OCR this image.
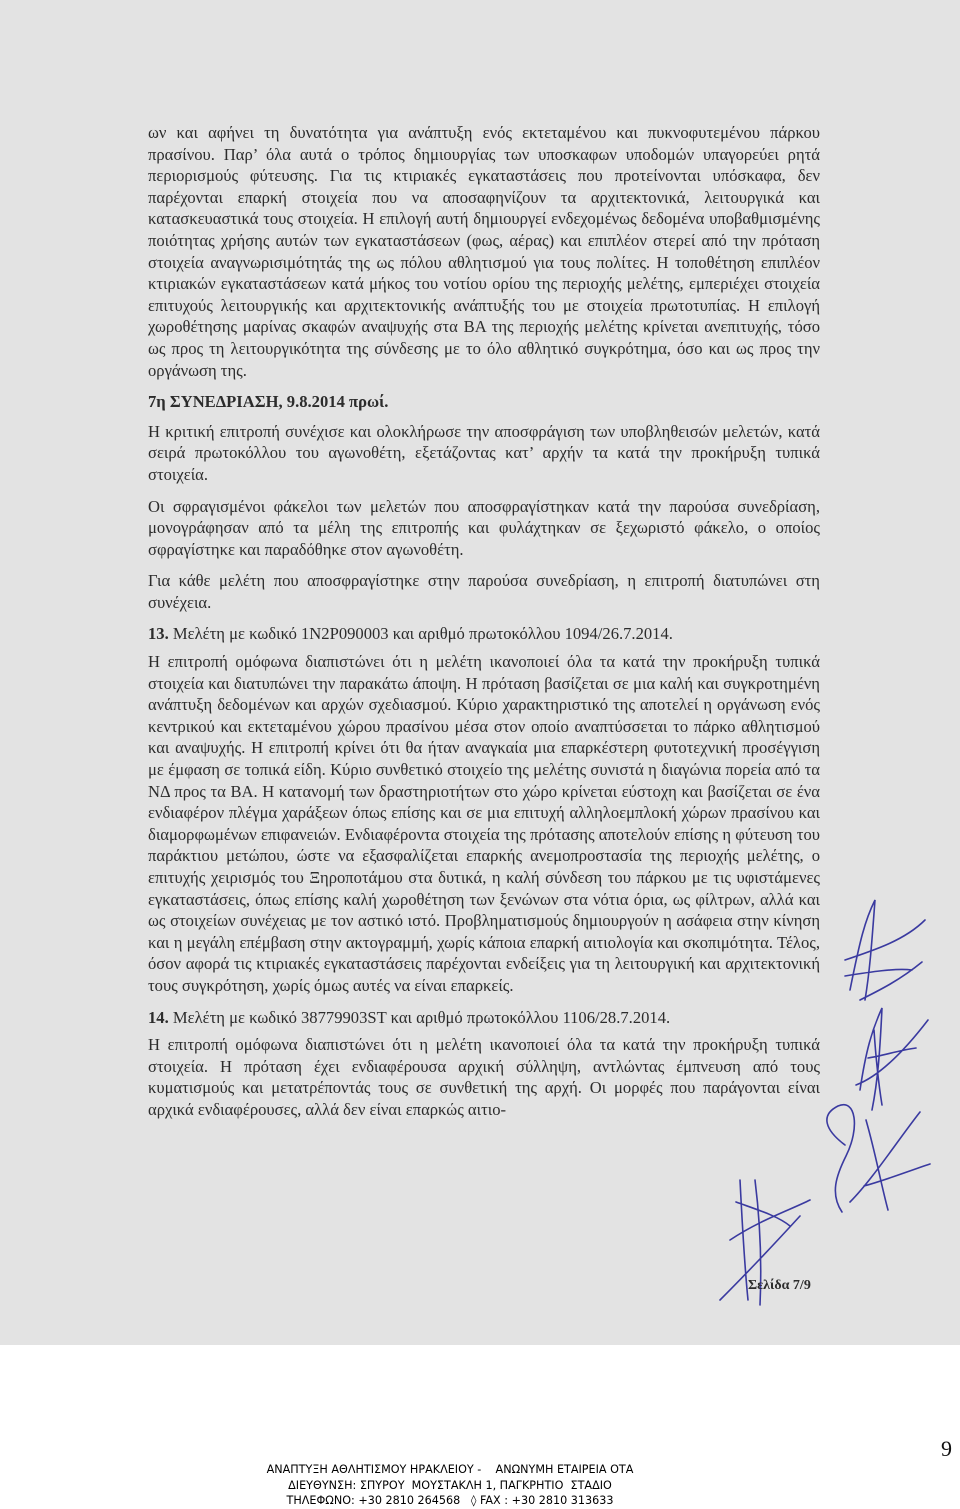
ων και αφήνει τη δυνατότητα για ανάπτυξη ενός εκτεταμένου και πυκνοφυτεμένου πάρκου πρασίνου. Παρ’ όλα αυτά ο τρόπος δημιουργίας των υποσκαφων υποδομών υπαγορεύει ρητά περιορισμούς φύτευσης. Για τις κτιριακές εγκαταστάσεις που προτείνονται υπόσκαφα, δεν παρέχονται επαρκή στοιχεία που να αποσαφηνίζουν τα αρχιτεκτονικά, λειτουργικά και κατασκευαστικά τους στοιχεία. Η επιλογή αυτή δημιουργεί ενδεχομένως δεδομένα υποβαθμισμένης ποιότητας χρήσης αυτών των εγκαταστάσεων (φως, αέρας) και επιπλέον στερεί από την πρόταση στοιχεία αναγνωρισιμότητάς της ως πόλου αθλητισμού για τους πολίτες. Η τοποθέτηση επιπλέον κτιριακών εγκαταστάσεων κατά μήκος του νοτίου ορίου της περιοχής μελέτης, εμπεριέχει στοιχεία επιτυχούς λειτουργικής και αρχιτεκτονικής ανάπτυξής του με στοιχεία πρωτοτυπίας. Η επιλογή χωροθέτησης μαρίνας σκαφών αναψυχής στα ΒΑ της περιοχής μελέτης κρίνεται ανεπιτυχής, τόσο ως προς τη λειτουργικότητα της σύνδεσης με το όλο αθλητικό συγκρότημα, όσο και ως προς την οργάνωση της.

7η ΣΥΝΕΔΡΙΑΣΗ, 9.8.2014 πρωί.

Η κριτική επιτροπή συνέχισε και ολοκλήρωσε την αποσφράγιση των υποβληθεισών μελετών, κατά σειρά πρωτοκόλλου του αγωνοθέτη, εξετάζοντας κατ’ αρχήν τα κατά την προκήρυξη τυπικά στοιχεία.

Οι σφραγισμένοι φάκελοι των μελετών που αποσφραγίστηκαν κατά την παρούσα συνεδρίαση, μονογράφησαν από τα μέλη της επιτροπής και φυλάχτηκαν σε ξεχωριστό φάκελο, ο οποίος σφραγίστηκε και παραδόθηκε στον αγωνοθέτη.

Για κάθε μελέτη που αποσφραγίστηκε στην παρούσα συνεδρίαση, η επιτροπή διατυπώνει στη συνέχεια.

13. Μελέτη με κωδικό 1Ν2Ρ090003 και αριθμό πρωτοκόλλου 1094/26.7.2014.

Η επιτροπή ομόφωνα διαπιστώνει ότι η μελέτη ικανοποιεί όλα τα κατά την προκήρυξη τυπικά στοιχεία και διατυπώνει την παρακάτω άποψη. Η πρόταση βασίζεται σε μια καλή και συγκροτημένη ανάπτυξη δεδομένων και αρχών σχεδιασμού. Κύριο χαρακτηριστικό της αποτελεί η οργάνωση ενός κεντρικού και εκτεταμένου χώρου πρασίνου μέσα στον οποίο αναπτύσσεται το πάρκο αθλητισμού και αναψυχής. Η επιτροπή κρίνει ότι θα ήταν αναγκαία μια επαρκέστερη φυτοτεχνική προσέγγιση με έμφαση σε τοπικά είδη. Κύριο συνθετικό στοιχείο της μελέτης συνιστά η διαγώνια πορεία από τα ΝΔ προς τα ΒΑ. Η κατανομή των δραστηριοτήτων στο χώρο κρίνεται εύστοχη και βασίζεται σε ένα ενδιαφέρον πλέγμα χαράξεων όπως επίσης και σε μια επιτυχή αλληλοεμπλοκή χώρων πρασίνου και διαμορφωμένων επιφανειών. Ενδιαφέροντα στοιχεία της πρότασης αποτελούν επίσης η φύτευση του παράκτιου μετώπου, ώστε να εξασφαλίζεται επαρκής ανεμοπροστασία της περιοχής μελέτης, ο επιτυχής χειρισμός του Ξηροποτάμου στα δυτικά, η καλή σύνδεση του πάρκου με τις υφιστάμενες εγκαταστάσεις, όπως επίσης καλή χωροθέτηση των ξενώνων στα νότια όρια, ως φίλτρων, αλλά και ως στοιχείων συνέχειας με τον αστικό ιστό. Προβληματισμούς δημιουργούν η ασάφεια στην κίνηση και η μεγάλη επέμβαση στην ακτογραμμή, χωρίς κάποια επαρκή αιτιολογία και σκοπιμότητα. Τέλος, όσον αφορά τις κτιριακές εγκαταστάσεις παρέχονται ενδείξεις για τη λειτουργική και αρχιτεκτονική τους συγκρότηση, χωρίς όμως αυτές να είναι επαρκείς.

14. Μελέτη με κωδικό 38779903ST και αριθμό πρωτοκόλλου 1106/28.7.2014.

Η επιτροπή ομόφωνα διαπιστώνει ότι η μελέτη ικανοποιεί όλα τα κατά την προκήρυξη τυπικά στοιχεία. Η πρόταση έχει ενδιαφέρουσα αρχική σύλληψη, αντλώντας έμπνευση από τους κυματισμούς και μετατρέποντάς τους σε συνθετική της αρχή. Οι μορφές που παράγονται είναι αρχικά ενδιαφέρουσες, αλλά δεν είναι επαρκώς αιτιο-

Σελίδα 7/9
9
ΑΝΑΠΤΥΞΗ ΑΘΛΗΤΙΣΜΟΥ ΗΡΑΚΛΕΙΟΥ -    ΑΝΩΝΥΜΗ ΕΤΑΙΡΕΙΑ ΟΤΑ
ΔΙΕΥΘΥΝΣΗ: ΣΠΥΡΟΥ  ΜΟΥΣΤΑΚΛΗ 1, ΠΑΓΚΡΗΤΙΟ  ΣΤΑΔΙΟ
ΤΗΛΕΦΩΝΟ: +30 2810 264568   ◊ FAX : +30 2810 313633
